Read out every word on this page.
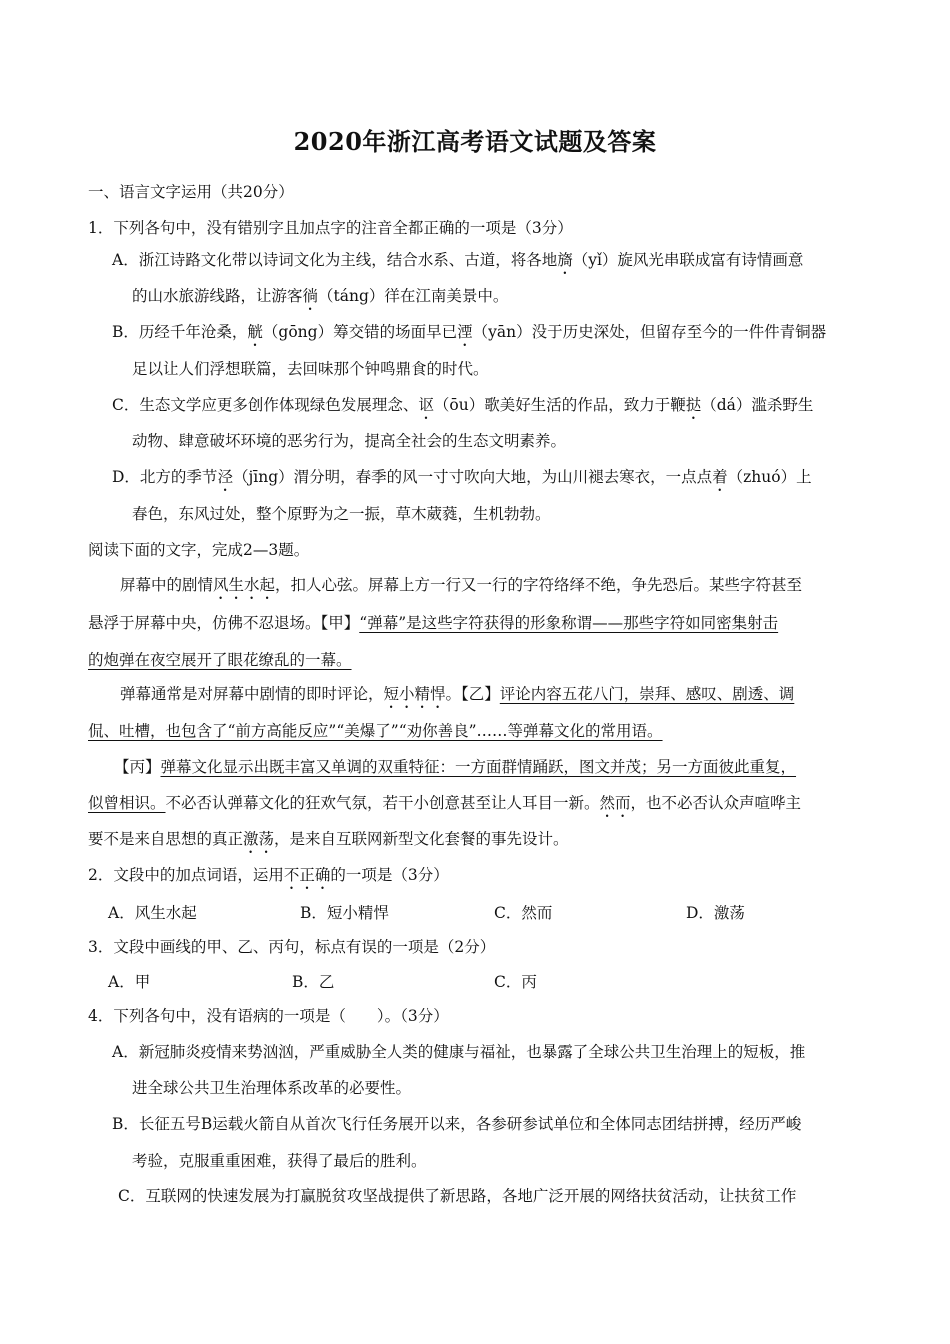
2020年浙江高考语文试题及答案
一、语言文字运用（共20分）
1．下列各句中，没有错别字且加点字的注音全都正确的一项是（3分）
A．浙江诗路文化带以诗词文化为主线，结合水系、古道，将各地旖（yǐ）旋风光串联成富有诗情画意
的山水旅游线路，让游客徜（táng）徉在江南美景中。
B．历经千年沧桑，觥（gōng）筹交错的场面早已湮（yān）没于历史深处，但留存至今的一件件青铜器
足以让人们浮想联篇，去回味那个钟鸣鼎食的时代。
C．生态文学应更多创作体现绿色发展理念、讴（ōu）歌美好生活的作品，致力于鞭挞（dá）滥杀野生
动物、肆意破坏环境的恶劣行为，提高全社会的生态文明素养。
D．北方的季节泾（jīng）渭分明，春季的风一寸寸吹向大地，为山川褪去寒衣，一点点着（zhuó）上
春色，东风过处，整个原野为之一振，草木葳蕤，生机勃勃。
阅读下面的文字，完成2—3题。
屏幕中的剧情风生水起，扣人心弦。屏幕上方一行又一行的字符络绎不绝，争先恐后。某些字符甚至
悬浮于屏幕中央，仿佛不忍退场。【甲】“弹幕”是这些字符获得的形象称谓——那些字符如同密集射击
的炮弹在夜空展开了眼花缭乱的一幕。
弹幕通常是对屏幕中剧情的即时评论，短小精悍。【乙】评论内容五花八门，崇拜、感叹、剧透、调
侃、吐槽，也包含了“前方高能反应”“美爆了”“劝你善良”……等弹幕文化的常用语。
【丙】弹幕文化显示出既丰富又单调的双重特征：一方面群情踊跃，图文并茂；另一方面彼此重复，
似曾相识。不必否认弹幕文化的狂欢气氛，若干小创意甚至让人耳目一新。然而，也不必否认众声喧哗主
要不是来自思想的真正激荡，是来自互联网新型文化套餐的事先设计。
2．文段中的加点词语，运用不正确的一项是（3分）
A．风生水起	B．短小精悍	C．然而	D．激荡
3．文段中画线的甲、乙、丙句，标点有误的一项是（2分）
A．甲	B．乙	C．丙
4．下列各句中，没有语病的一项是（　　）。（3分）
A．新冠肺炎疫情来势汹汹，严重威胁全人类的健康与福祉，也暴露了全球公共卫生治理上的短板，推
进全球公共卫生治理体系改革的必要性。
B．长征五号B运载火箭自从首次飞行任务展开以来，各参研参试单位和全体同志团结拼搏，经历严峻
考验，克服重重困难，获得了最后的胜利。
C．互联网的快速发展为打赢脱贫攻坚战提供了新思路，各地广泛开展的网络扶贫活动，让扶贫工作
